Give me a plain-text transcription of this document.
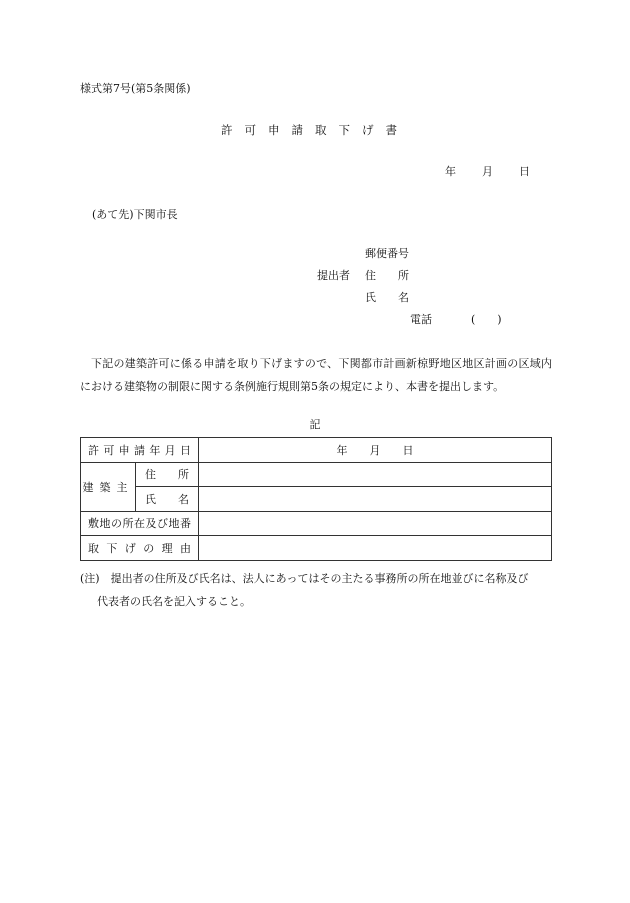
様式第7号(第5条関係)
許可申請取下げ書
年 月 日
(あて先)下関市長
郵便番号
提出者 住　　所
氏　　名
電話	(　　)
下記の建築許可に係る申請を取り下げますので、下関都市計画新椋野地区地区計画の区域内における建築物の制限に関する条例施行規則第5条の規定により、本書を提出します。
記
許可申請年月日		年　　月　　日

建築主	住　　所	
	氏　　名	
敷地の所在及び地番		
取下げの理由		
(注)　提出者の住所及び氏名は、法人にあってはその主たる事務所の所在地並びに名称及び
代表者の氏名を記入すること。
